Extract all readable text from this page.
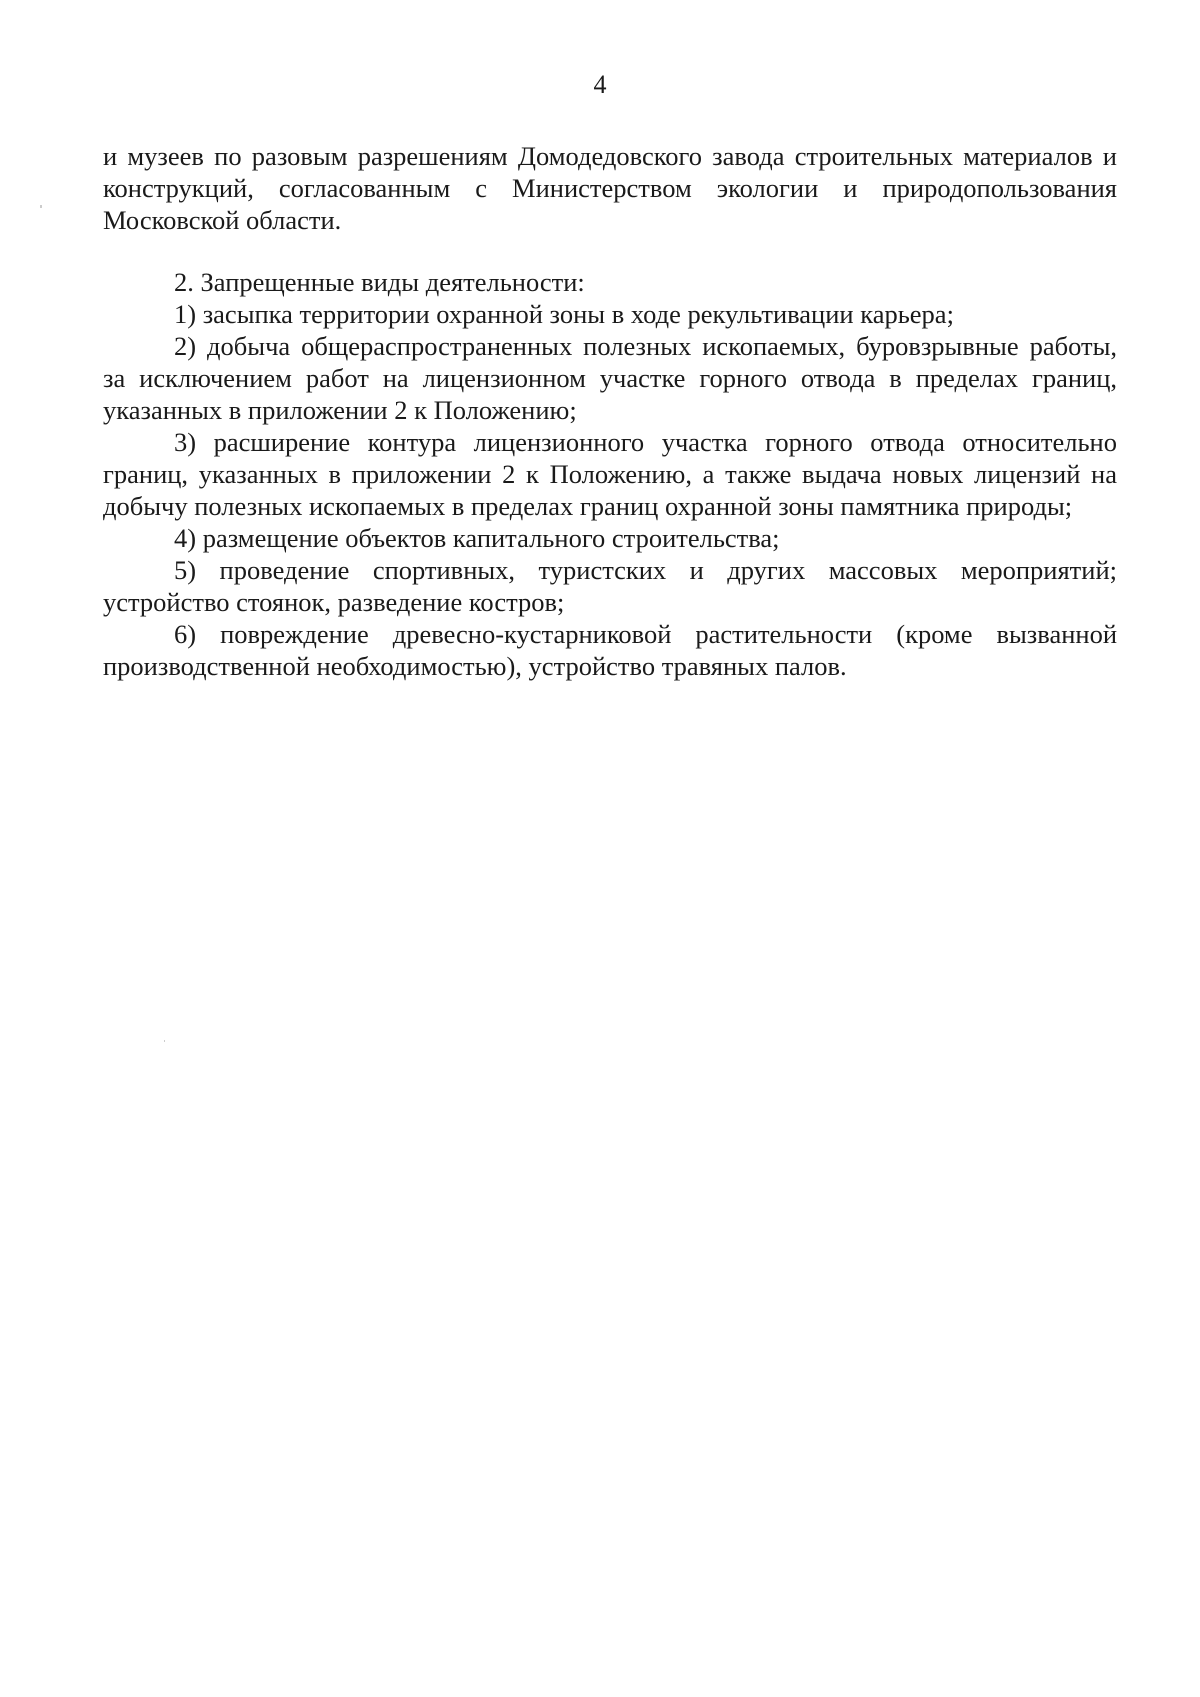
4

и музеев по разовым разрешениям Домодедовского завода строительных материалов и конструкций, согласованным с Министерством экологии и природопользования Московской области.

2. Запрещенные виды деятельности:

1) засыпка территории охранной зоны в ходе рекультивации карьера;

2) добыча общераспространенных полезных ископаемых, буровзрывные работы, за исключением работ на лицензионном участке горного отвода в пределах границ, указанных в приложении 2 к Положению;

3) расширение контура лицензионного участка горного отвода относительно границ, указанных в приложении 2 к Положению, а также выдача новых лицензий на добычу полезных ископаемых в пределах границ охранной зоны памятника природы;

4) размещение объектов капитального строительства;

5) проведение спортивных, туристских и других массовых мероприятий; устройство стоянок, разведение костров;

6) повреждение древесно-кустарниковой растительности (кроме вызванной производственной необходимостью), устройство травяных палов.
